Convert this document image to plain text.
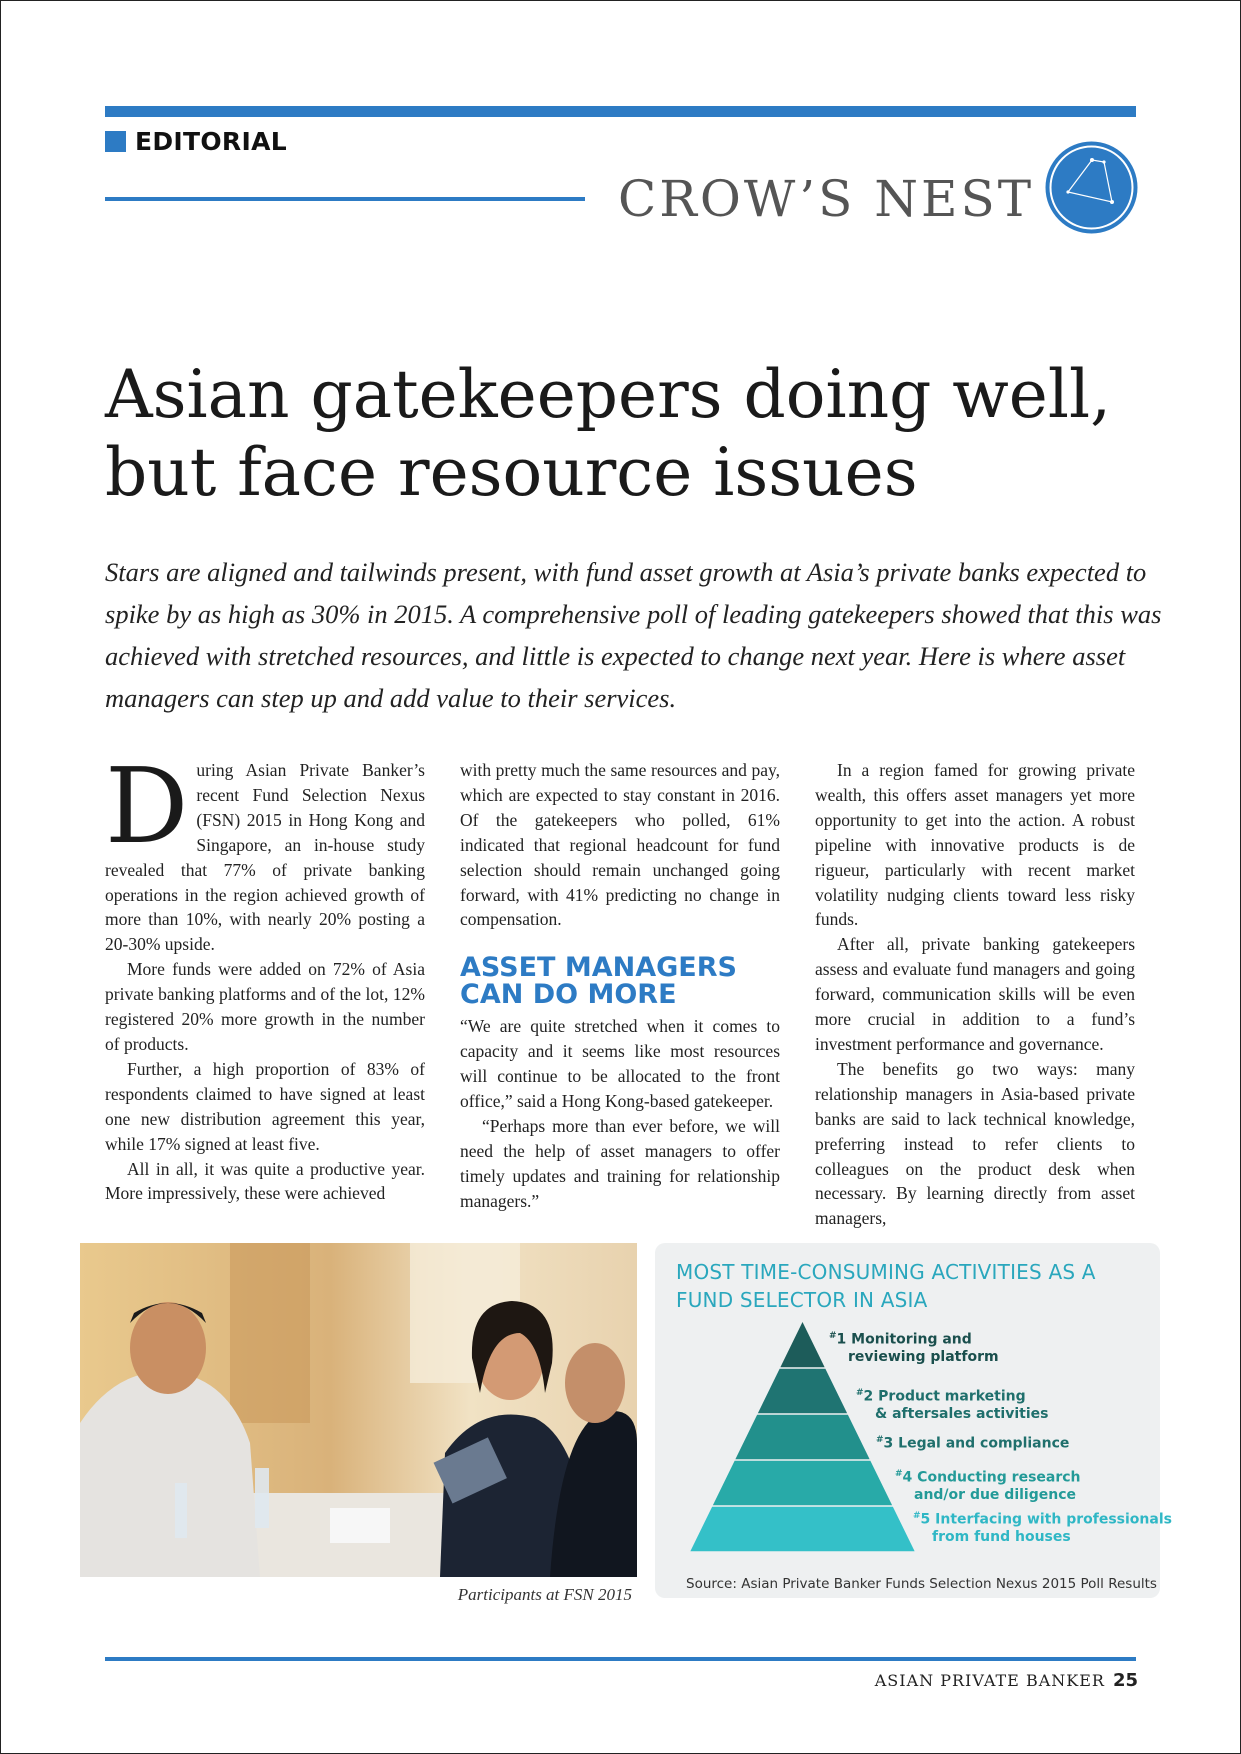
EDITORIAL
CROW’S NEST
Asian gatekeepers doing well,
but face resource issues
Stars are aligned and tailwinds present, with fund asset growth at Asia’s private banks expected to spike by as high as 30% in 2015. A comprehensive poll of leading gatekeepers showed that this was achieved with stretched resources, and little is expected to change next year. Here is where asset managers can step up and add value to their services.
D uring Asian Private Banker’s recent Fund Selection Nexus (FSN) 2015 in Hong Kong and Singapore, an in-house study revealed that 77% of private banking operations in the region achieved growth of more than 10%, with nearly 20% posting a 20-30% upside.

More funds were added on 72% of Asia private banking platforms and of the lot, 12% registered 20% more growth in the number of products.

Further, a high proportion of 83% of respondents claimed to have signed at least one new distribution agreement this year, while 17% signed at least five.

All in all, it was quite a productive year. More impressively, these were achieved

with pretty much the same resources and pay, which are expected to stay constant in 2016. Of the gatekeepers who polled, 61% indicated that regional headcount for fund selection should remain unchanged going forward, with 41% predicting no change in compensation.

ASSET MANAGERS
CAN DO MORE

“We are quite stretched when it comes to capacity and it seems like most resources will continue to be allocated to the front office,” said a Hong Kong-based gatekeeper.

“Perhaps more than ever before, we will need the help of asset managers to offer timely updates and training for relationship managers.”

In a region famed for growing private wealth, this offers asset managers yet more opportunity to get into the action. A robust pipeline with innovative products is de rigueur, particularly with recent market volatility nudging clients toward less risky funds.

After all, private banking gatekeepers assess and evaluate fund managers and going forward, communication skills will be even more crucial in addition to a fund’s investment performance and governance.

The benefits go two ways: many relationship managers in Asia-based private banks are said to lack technical knowledge, preferring instead to refer clients to colleagues on the product desk when necessary. By learning directly from asset managers,

Participants at FSN 2015
MOST TIME-CONSUMING ACTIVITIES AS A FUND SELECTOR IN ASIA
#1 Monitoring and
reviewing platform
#2 Product marketing
& aftersales activities
#3 Legal and compliance
#4 Conducting research
and/or due diligence
#5 Interfacing with professionals
from fund houses
Source: Asian Private Banker Funds Selection Nexus 2015 Poll Results
ASIAN PRIVATE BANKER 25
